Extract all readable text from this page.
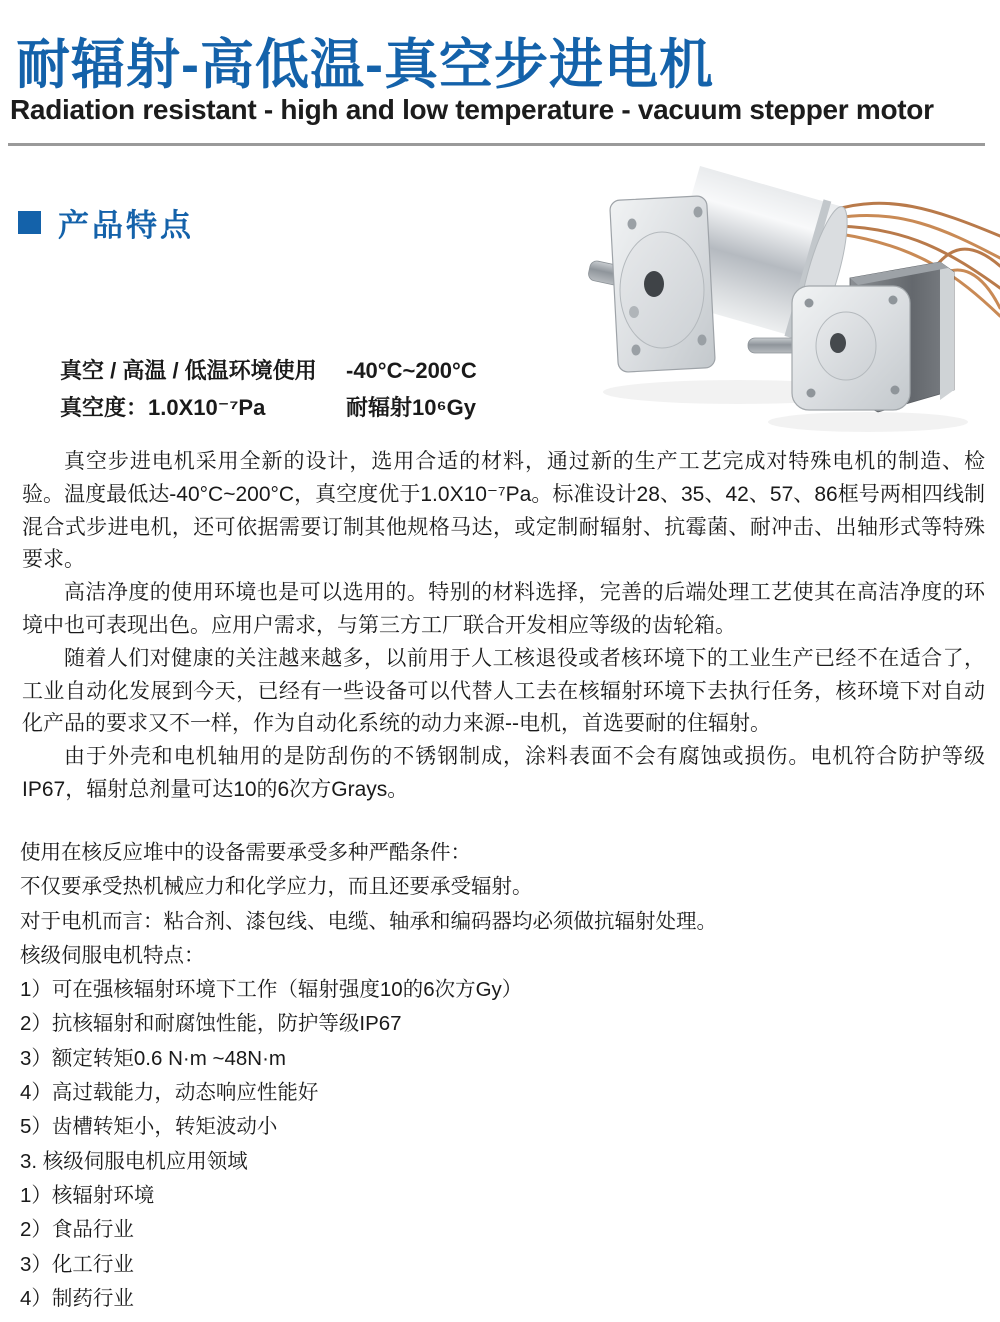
耐辐射-高低温-真空步进电机
Radiation resistant - high and low temperature - vacuum stepper motor
产品特点
真空 / 高温 / 低温环境使用	-40°C~200°C
真空度：1.0X10⁻⁷Pa	耐辐射10⁶Gy

真空步进电机采用全新的设计，选用合适的材料，通过新的生产工艺完成对特殊电机的制造、检验。温度最低达-40°C~200°C，真空度优于1.0X10⁻⁷Pa。标准设计28、35、42、57、86框号两相四线制混合式步进电机，还可依据需要订制其他规格马达，或定制耐辐射、抗霉菌、耐冲击、出轴形式等特殊要求。

高洁净度的使用环境也是可以选用的。特别的材料选择，完善的后端处理工艺使其在高洁净度的环境中也可表现出色。应用户需求，与第三方工厂联合开发相应等级的齿轮箱。

随着人们对健康的关注越来越多，以前用于人工核退役或者核环境下的工业生产已经不在适合了，工业自动化发展到今天，已经有一些设备可以代替人工去在核辐射环境下去执行任务，核环境下对自动化产品的要求又不一样，作为自动化系统的动力来源--电机，首选要耐的住辐射。

由于外壳和电机轴用的是防刮伤的不锈钢制成，涂料表面不会有腐蚀或损伤。电机符合防护等级IP67，辐射总剂量可达10的6次方Grays。

使用在核反应堆中的设备需要承受多种严酷条件：
不仅要承受热机械应力和化学应力，而且还要承受辐射。
对于电机而言：粘合剂、漆包线、电缆、轴承和编码器均必须做抗辐射处理。
核级伺服电机特点：
1）可在强核辐射环境下工作（辐射强度10的6次方Gy）
2）抗核辐射和耐腐蚀性能，防护等级IP67
3）额定转矩0.6 N·m ~48N·m
4）高过载能力，动态响应性能好
5）齿槽转矩小，转矩波动小
3. 核级伺服电机应用领域
1）核辐射环境
2）食品行业
3）化工行业
4）制药行业
